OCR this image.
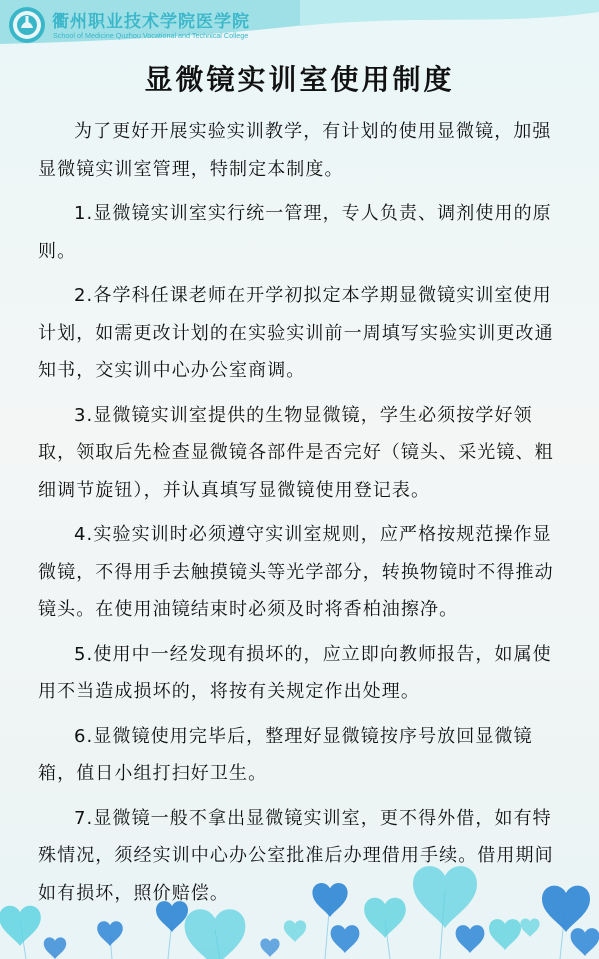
衢州职业技术学院医学院
School of Medicine Quzhou Vocational and Technical College
显微镜实训室使用制度

为了更好开展实验实训教学，有计划的使用显微镜，加强显微镜实训室管理，特制定本制度。

1.显微镜实训室实行统一管理，专人负责、调剂使用的原则。

2.各学科任课老师在开学初拟定本学期显微镜实训室使用计划，如需更改计划的在实验实训前一周填写实验实训更改通知书，交实训中心办公室商调。

3.显微镜实训室提供的生物显微镜，学生必须按学好领取，领取后先检查显微镜各部件是否完好（镜头、采光镜、粗细调节旋钮），并认真填写显微镜使用登记表。

4.实验实训时必须遵守实训室规则，应严格按规范操作显微镜，不得用手去触摸镜头等光学部分，转换物镜时不得推动镜头。在使用油镜结束时必须及时将香柏油擦净。

5.使用中一经发现有损坏的，应立即向教师报告，如属使用不当造成损坏的，将按有关规定作出处理。

6.显微镜使用完毕后，整理好显微镜按序号放回显微镜箱，值日小组打扫好卫生。

7.显微镜一般不拿出显微镜实训室，更不得外借，如有特殊情况，须经实训中心办公室批准后办理借用手续。借用期间如有损坏，照价赔偿。
